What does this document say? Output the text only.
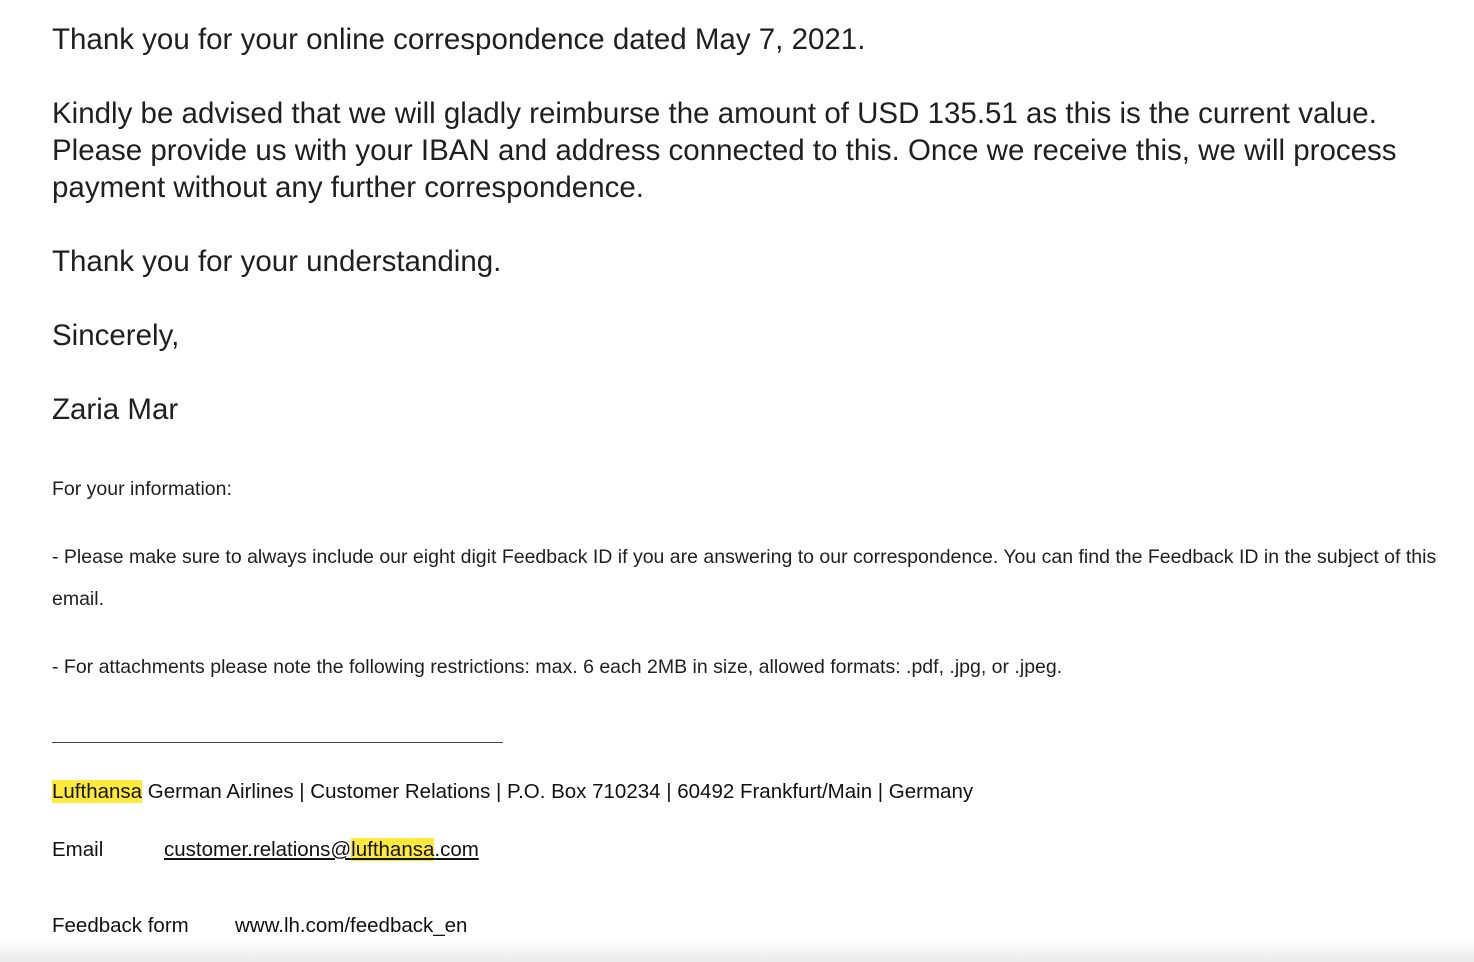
Thank you for your online correspondence dated May 7, 2021.

Kindly be advised that we will gladly reimburse the amount of USD 135.51 as this is the current value. Please provide us with your IBAN and address connected to this. Once we receive this, we will process payment without any further correspondence.

Thank you for your understanding.

Sincerely,

Zaria Mar

For your information:

- Please make sure to always include our eight digit Feedback ID if you are answering to our correspondence. You can find the Feedback ID in the subject of this email.

- For attachments please note the following restrictions: max. 6 each 2MB in size, allowed formats: .pdf, .jpg, or .jpeg.

Lufthansa German Airlines | Customer Relations | P.O. Box 710234 | 60492 Frankfurt/Main | Germany
Email	customer.relations@lufthansa.com
Feedback form www.lh.com/feedback_en
